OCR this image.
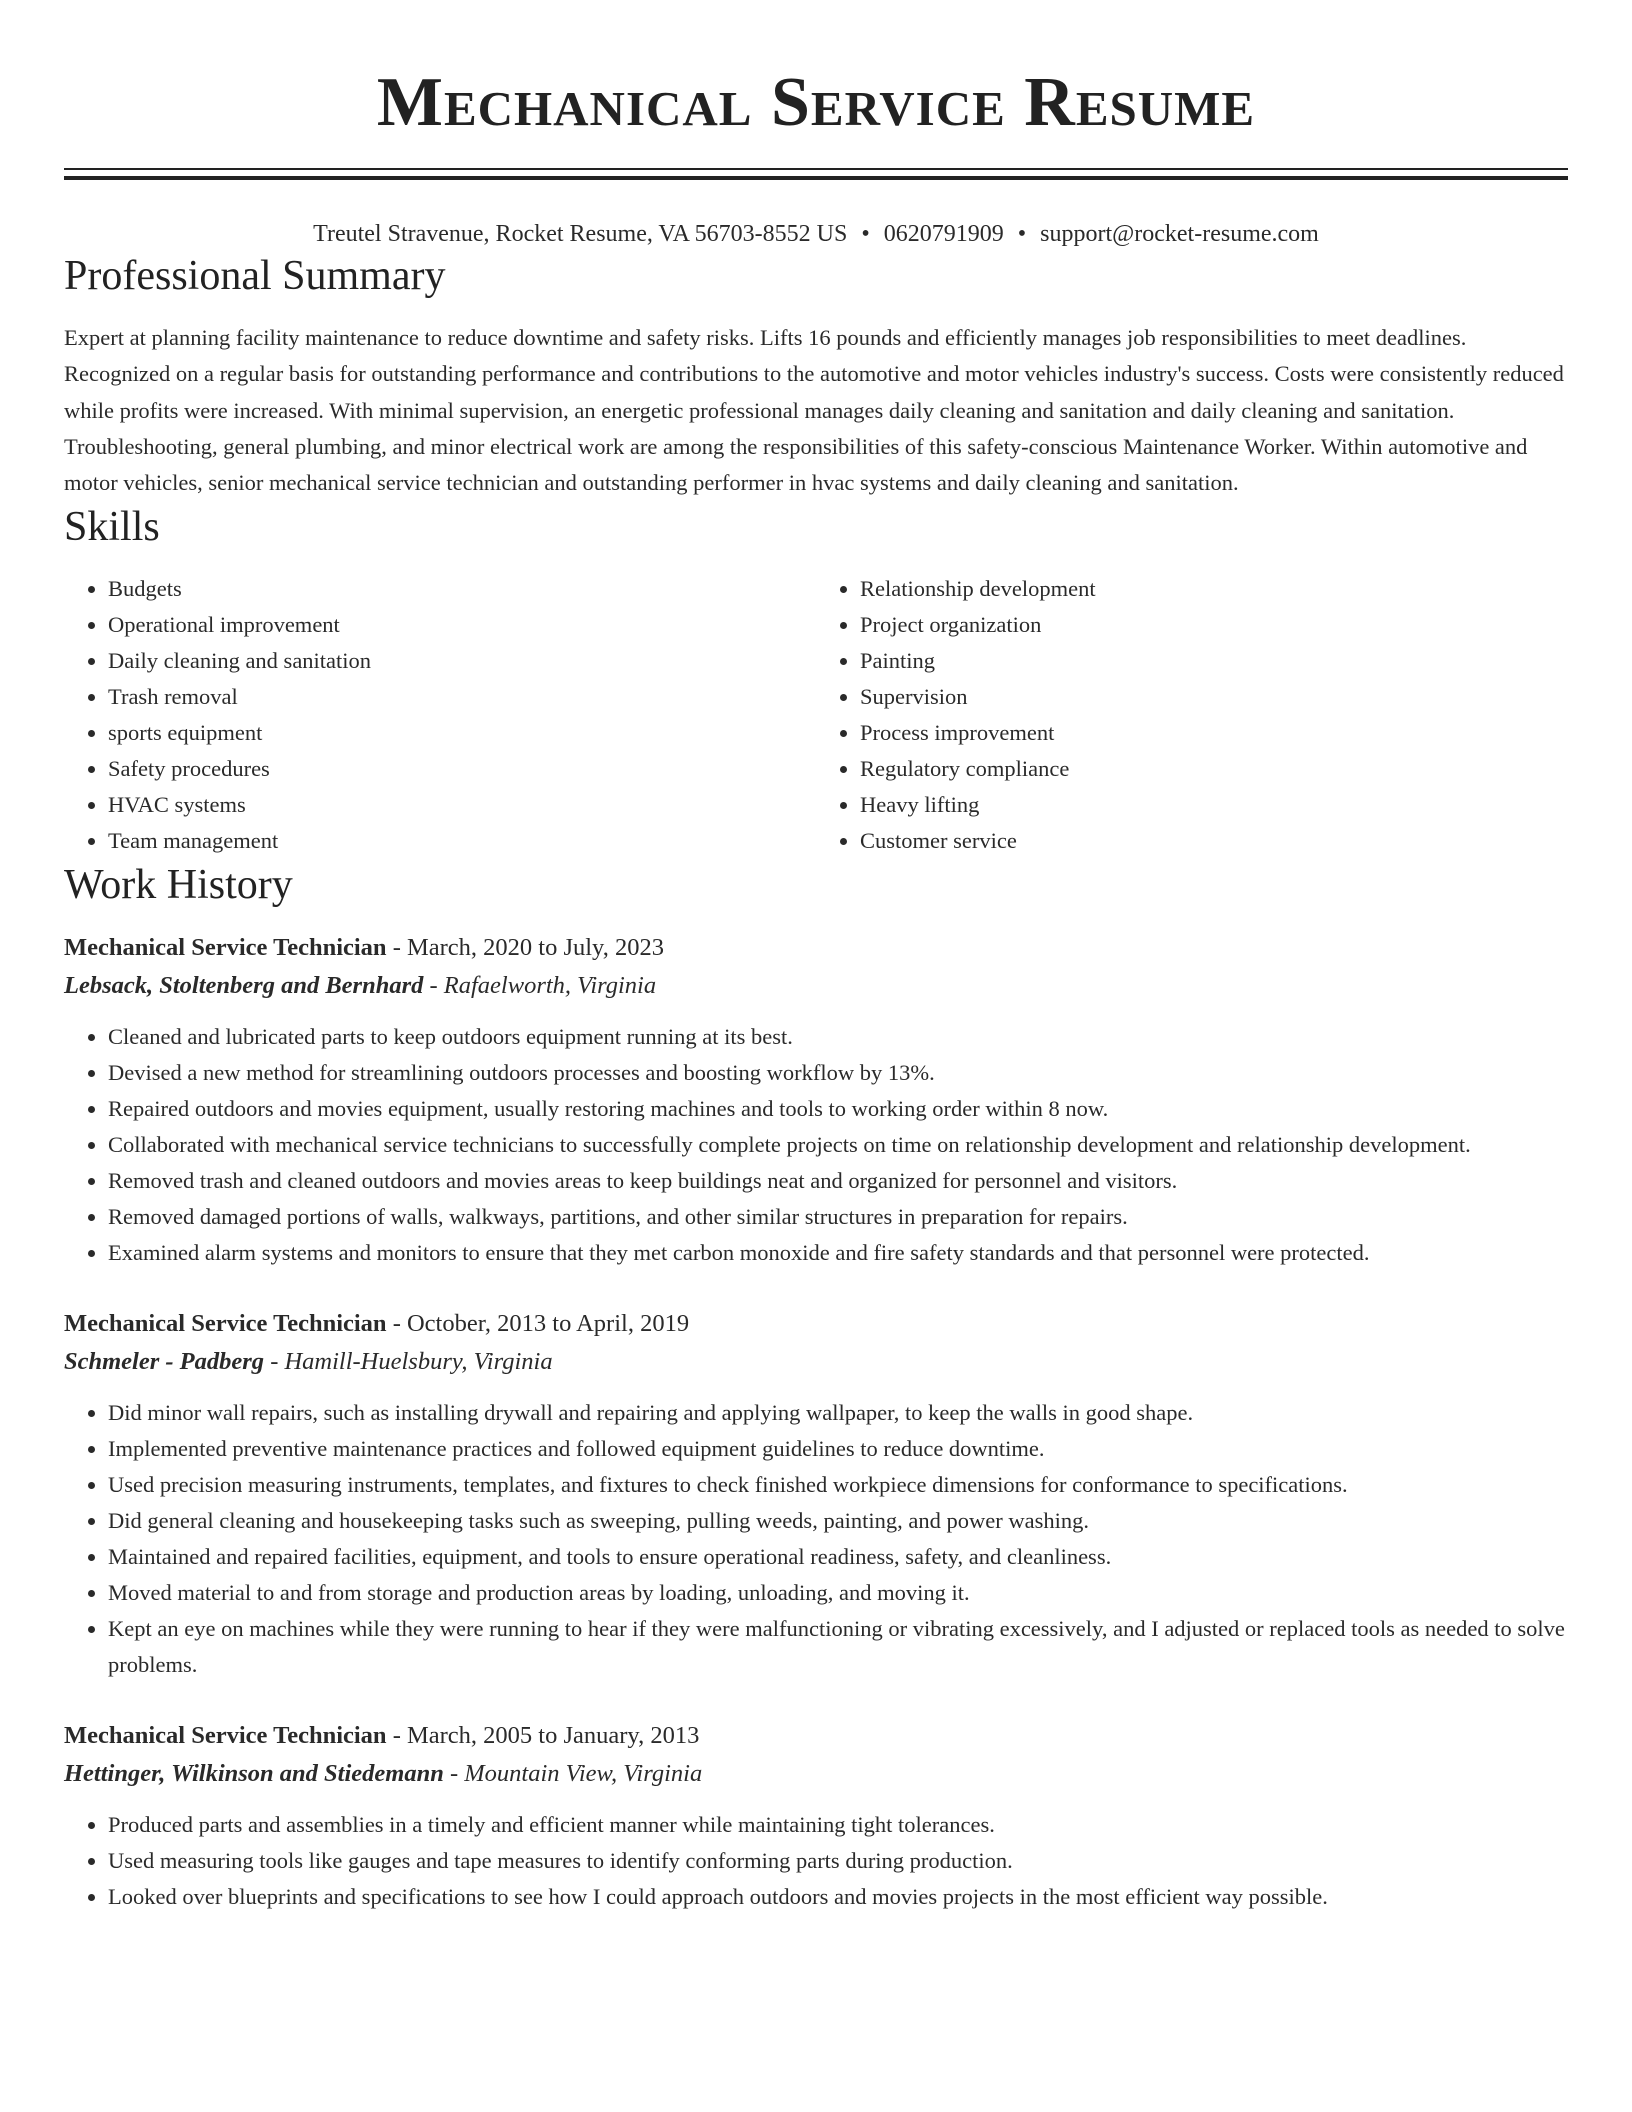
Mechanical Service Resume
Treutel Stravenue, Rocket Resume, VA 56703-8552 US • 0620791909 • support@rocket-resume.com
Professional Summary

Expert at planning facility maintenance to reduce downtime and safety risks. Lifts 16 pounds and efficiently manages job responsibilities to meet deadlines. Recognized on a regular basis for outstanding performance and contributions to the automotive and motor vehicles industry's success. Costs were consistently reduced while profits were increased. With minimal supervision, an energetic professional manages daily cleaning and sanitation and daily cleaning and sanitation. Troubleshooting, general plumbing, and minor electrical work are among the responsibilities of this safety-conscious Maintenance Worker. Within automotive and motor vehicles, senior mechanical service technician and outstanding performer in hvac systems and daily cleaning and sanitation.

Skills
• Budgets
• Operational improvement
• Daily cleaning and sanitation
• Trash removal
• sports equipment
• Safety procedures
• HVAC systems
• Team management
• Relationship development
• Project organization
• Painting
• Supervision
• Process improvement
• Regulatory compliance
• Heavy lifting
• Customer service
Work History
Mechanical Service Technician - March, 2020 to July, 2023
Lebsack, Stoltenberg and Bernhard - Rafaelworth, Virginia
• Cleaned and lubricated parts to keep outdoors equipment running at its best.
• Devised a new method for streamlining outdoors processes and boosting workflow by 13%.
• Repaired outdoors and movies equipment, usually restoring machines and tools to working order within 8 now.
• Collaborated with mechanical service technicians to successfully complete projects on time on relationship development and relationship development.
• Removed trash and cleaned outdoors and movies areas to keep buildings neat and organized for personnel and visitors.
• Removed damaged portions of walls, walkways, partitions, and other similar structures in preparation for repairs.
• Examined alarm systems and monitors to ensure that they met carbon monoxide and fire safety standards and that personnel were protected.
Mechanical Service Technician - October, 2013 to April, 2019
Schmeler - Padberg - Hamill-Huelsbury, Virginia
• Did minor wall repairs, such as installing drywall and repairing and applying wallpaper, to keep the walls in good shape.
• Implemented preventive maintenance practices and followed equipment guidelines to reduce downtime.
• Used precision measuring instruments, templates, and fixtures to check finished workpiece dimensions for conformance to specifications.
• Did general cleaning and housekeeping tasks such as sweeping, pulling weeds, painting, and power washing.
• Maintained and repaired facilities, equipment, and tools to ensure operational readiness, safety, and cleanliness.
• Moved material to and from storage and production areas by loading, unloading, and moving it.
• Kept an eye on machines while they were running to hear if they were malfunctioning or vibrating excessively, and I adjusted or replaced tools as needed to solve problems.
Mechanical Service Technician - March, 2005 to January, 2013
Hettinger, Wilkinson and Stiedemann - Mountain View, Virginia
• Produced parts and assemblies in a timely and efficient manner while maintaining tight tolerances.
• Used measuring tools like gauges and tape measures to identify conforming parts during production.
• Looked over blueprints and specifications to see how I could approach outdoors and movies projects in the most efficient way possible.
